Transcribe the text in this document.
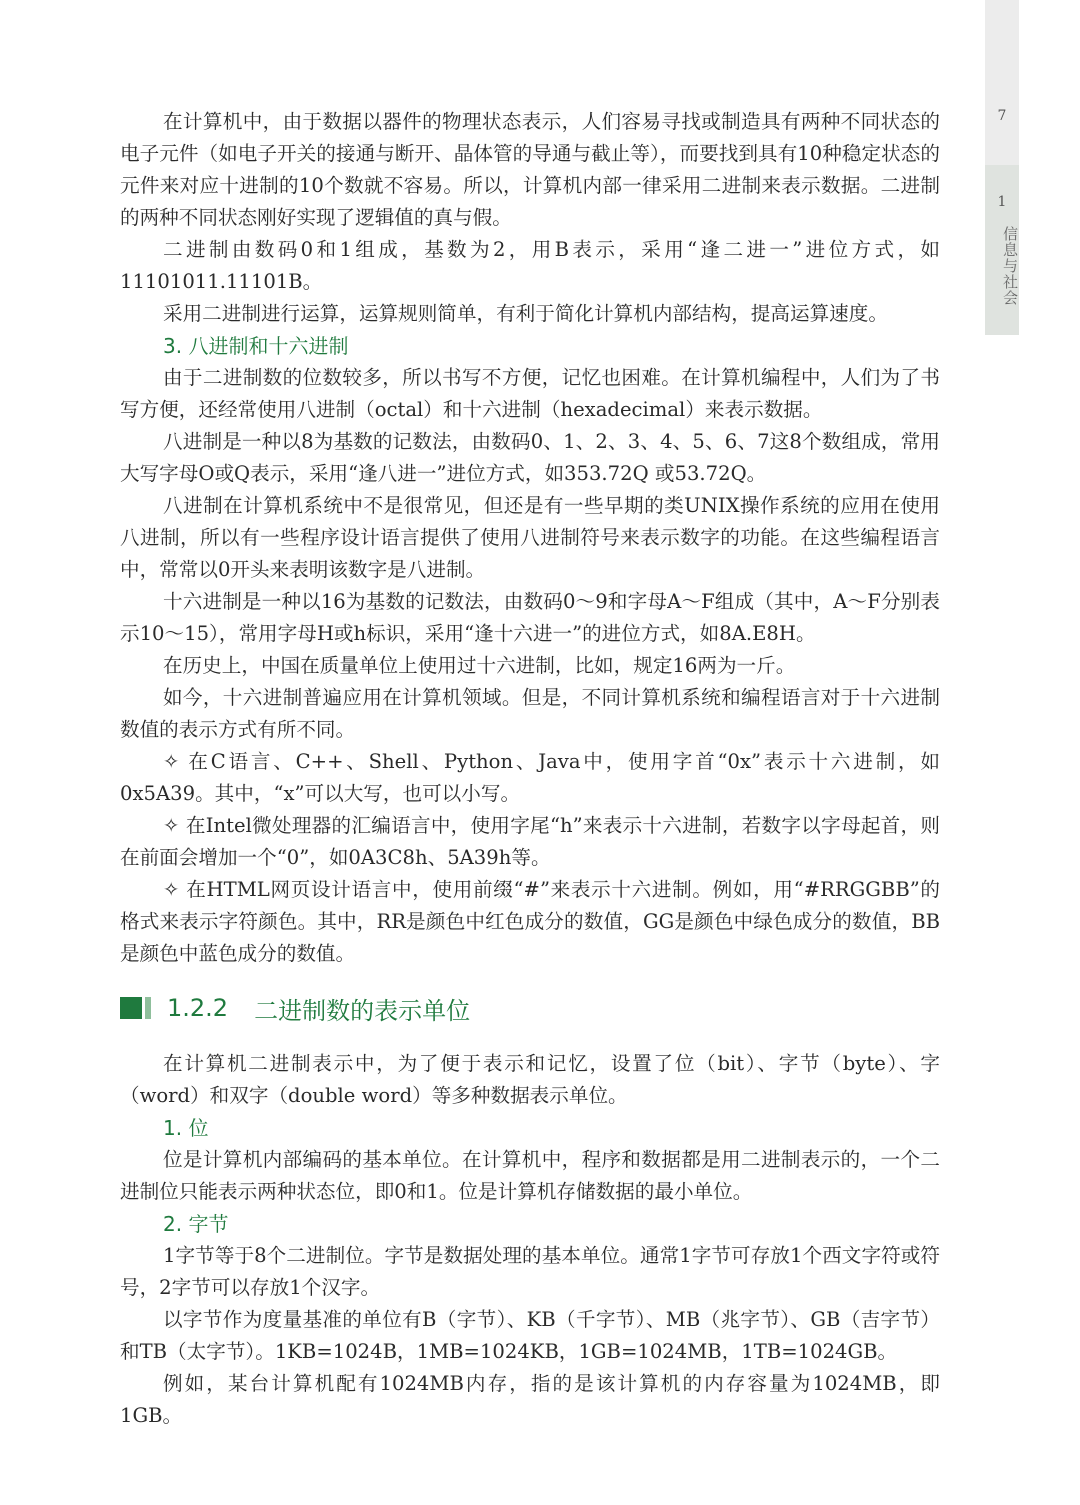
7
1
信息与社会

在计算机中，由于数据以器件的物理状态表示，人们容易寻找或制造具有两种不同状态的电子元件（如电子开关的接通与断开、晶体管的导通与截止等），而要找到具有10种稳定状态的元件来对应十进制的10个数就不容易。所以，计算机内部一律采用二进制来表示数据。二进制的两种不同状态刚好实现了逻辑值的真与假。

二进制由数码0和1组成，基数为2，用B表示，采用“逢二进一”进位方式，如11101011.11101B。

采用二进制进行运算，运算规则简单，有利于简化计算机内部结构，提高运算速度。

3. 八进制和十六进制

由于二进制数的位数较多，所以书写不方便，记忆也困难。在计算机编程中，人们为了书写方便，还经常使用八进制（octal）和十六进制（hexadecimal）来表示数据。

八进制是一种以8为基数的记数法，由数码0、1、2、3、4、5、6、7这8个数组成，常用大写字母O或Q表示，采用“逢八进一”进位方式，如353.72Q 或53.72Q。

八进制在计算机系统中不是很常见，但还是有一些早期的类UNIX操作系统的应用在使用八进制，所以有一些程序设计语言提供了使用八进制符号来表示数字的功能。在这些编程语言中，常常以0开头来表明该数字是八进制。

十六进制是一种以16为基数的记数法，由数码0～9和字母A～F组成（其中，A～F分别表示10～15），常用字母H或h标识，采用“逢十六进一”的进位方式，如8A.E8H。

在历史上，中国在质量单位上使用过十六进制，比如，规定16两为一斤。

如今，十六进制普遍应用在计算机领域。但是，不同计算机系统和编程语言对于十六进制数值的表示方式有所不同。

✧ 在C语言、C++、Shell、Python、Java中，使用字首“0x”表示十六进制，如0x5A39。其中，“x”可以大写，也可以小写。

✧ 在Intel微处理器的汇编语言中，使用字尾“h”来表示十六进制，若数字以字母起首，则在前面会增加一个“0”，如0A3C8h、5A39h等。

✧ 在HTML网页设计语言中，使用前缀“#”来表示十六进制。例如，用“#RRGGBB”的格式来表示字符颜色。其中，RR是颜色中红色成分的数值，GG是颜色中绿色成分的数值，BB是颜色中蓝色成分的数值。

1.2.2 二进制数的表示单位

在计算机二进制表示中，为了便于表示和记忆，设置了位（bit）、字节（byte）、字（word）和双字（double word）等多种数据表示单位。

1. 位

位是计算机内部编码的基本单位。在计算机中，程序和数据都是用二进制表示的，一个二进制位只能表示两种状态位，即0和1。位是计算机存储数据的最小单位。

2. 字节

1字节等于8个二进制位。字节是数据处理的基本单位。通常1字节可存放1个西文字符或符号，2字节可以存放1个汉字。

以字节作为度量基准的单位有B（字节）、KB（千字节）、MB（兆字节）、GB（吉字节）和TB（太字节）。1KB=1024B，1MB=1024KB，1GB=1024MB，1TB=1024GB。

例如，某台计算机配有1024MB内存，指的是该计算机的内存容量为1024MB，即1GB。
